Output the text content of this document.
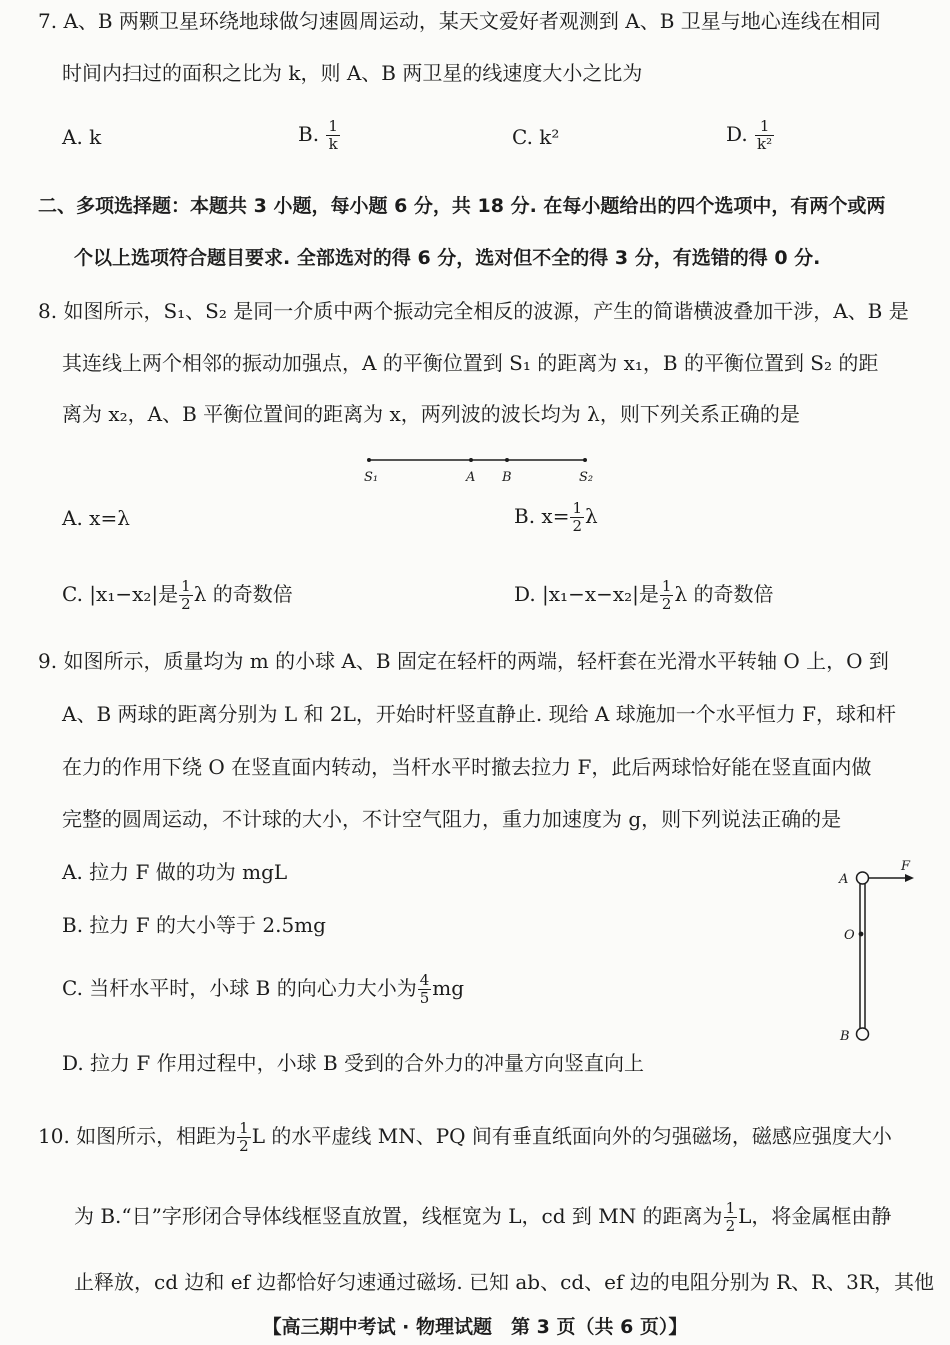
7. A、B 两颗卫星环绕地球做匀速圆周运动，某天文爱好者观测到 A、B 卫星与地心连线在相同
时间内扫过的面积之比为 k，则 A、B 两卫星的线速度大小之比为
A. k	B. $\frac{1}{k}$	C. k²	D. $\frac{1}{\text{k²}}$
二、多项选择题：本题共 3 小题，每小题 6 分，共 18 分. 在每小题给出的四个选项中，有两个或两
个以上选项符合题目要求. 全部选对的得 6 分，选对但不全的得 3 分，有选错的得 0 分.
8. 如图所示，S₁、S₂ 是同一介质中两个振动完全相反的波源，产生的简谐横波叠加干涉，A、B 是
其连线上两个相邻的振动加强点，A 的平衡位置到 S₁ 的距离为 x₁，B 的平衡位置到 S₂ 的距
离为 x₂，A、B 平衡位置间的距离为 x，两列波的波长均为 λ，则下列关系正确的是
S₁	A B	S₂
A. x=λ	B. $x= \frac{1}{2}$ λ
C. |x₁−x₂|是 $\frac{1}{2}$ λ 的奇数倍	D. |x₁−x−x₂|是 $\frac{1}{2}$ λ 的奇数倍
9. 如图所示，质量均为 m 的小球 A、B 固定在轻杆的两端，轻杆套在光滑水平转轴 O 上，O 到
A、B 两球的距离分别为 L 和 2L，开始时杆竖直静止. 现给 A 球施加一个水平恒力 F，球和杆
在力的作用下绕 O 在竖直面内转动，当杆水平时撤去拉力 F，此后两球恰好能在竖直面内做
完整的圆周运动，不计球的大小，不计空气阻力，重力加速度为 g，则下列说法正确的是
A. 拉力 F 做的功为 mgL
B. 拉力 F 的大小等于 2.5mg
C. 当杆水平时，小球 B 的向心力大小为 $\frac{4}{5}$ mg
D. 拉力 F 作用过程中，小球 B 受到的合外力的冲量方向竖直向上
A
F
O
B
10. 如图所示，相距为 $\frac{1}{2}$ L 的水平虚线 MN、PQ 间有垂直纸面向外的匀强磁场，磁感应强度大小
为 B.“日”字形闭合导体线框竖直放置，线框宽为 L，cd 到 MN 的距离为 $\frac{1}{2}$ L，将金属框由静
止释放，cd 边和 ef 边都恰好匀速通过磁场. 已知 ab、cd、ef 边的电阻分别为 R、R、3R，其他
【高三期中考试 · 物理试题　第 3 页（共 6 页）】
